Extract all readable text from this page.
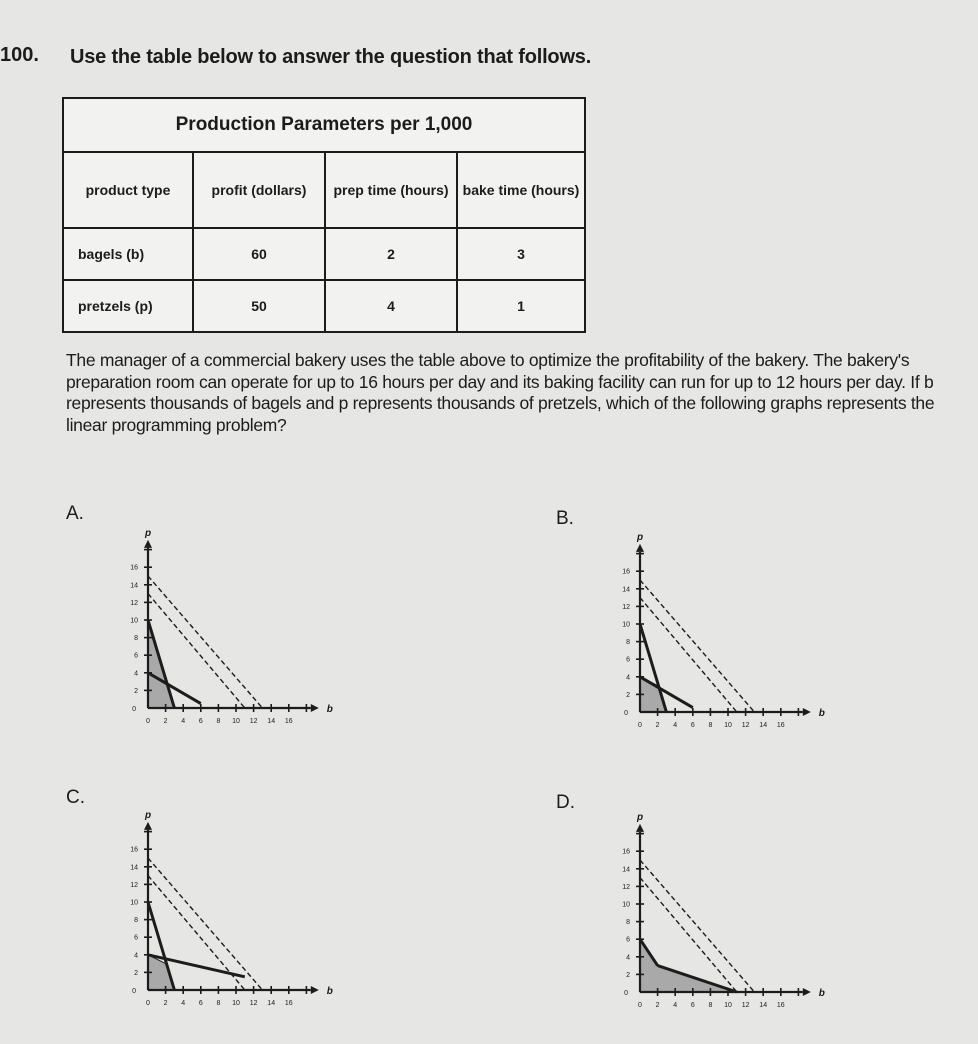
100. Use the table below to answer the question that follows.
Production Parameters per 1,000			
product type	profit (dollars)	prep time (hours)	bake time (hours)
bagels (b)	60	2	3
pretzels (p)	50	4	1
The manager of a commercial bakery uses the table above to optimize the profitability of the bakery. The bakery's preparation room can operate for up to 16 hours per day and its baking facility can run for up to 12 hours per day. If b represents thousands of bagels and p represents thousands of pretzels, which of the following graphs represents the linear programming problem?
A.	B.
C.	D.
0 2 4 6 8 10 12 14 16
2
4
6
8
10
12
14
16
0	b
p
0 2 4 6 8 10 12 14 16
2
4
6
8
10
12
14
16
0	b
p
0 2 4 6 8 10 12 14 16
2
4
6
8
10
12
14
16
0	b
p
0 2 4 6 8 10 12 14 16
2
4
6
8
10
12
14
16
0	b
p
